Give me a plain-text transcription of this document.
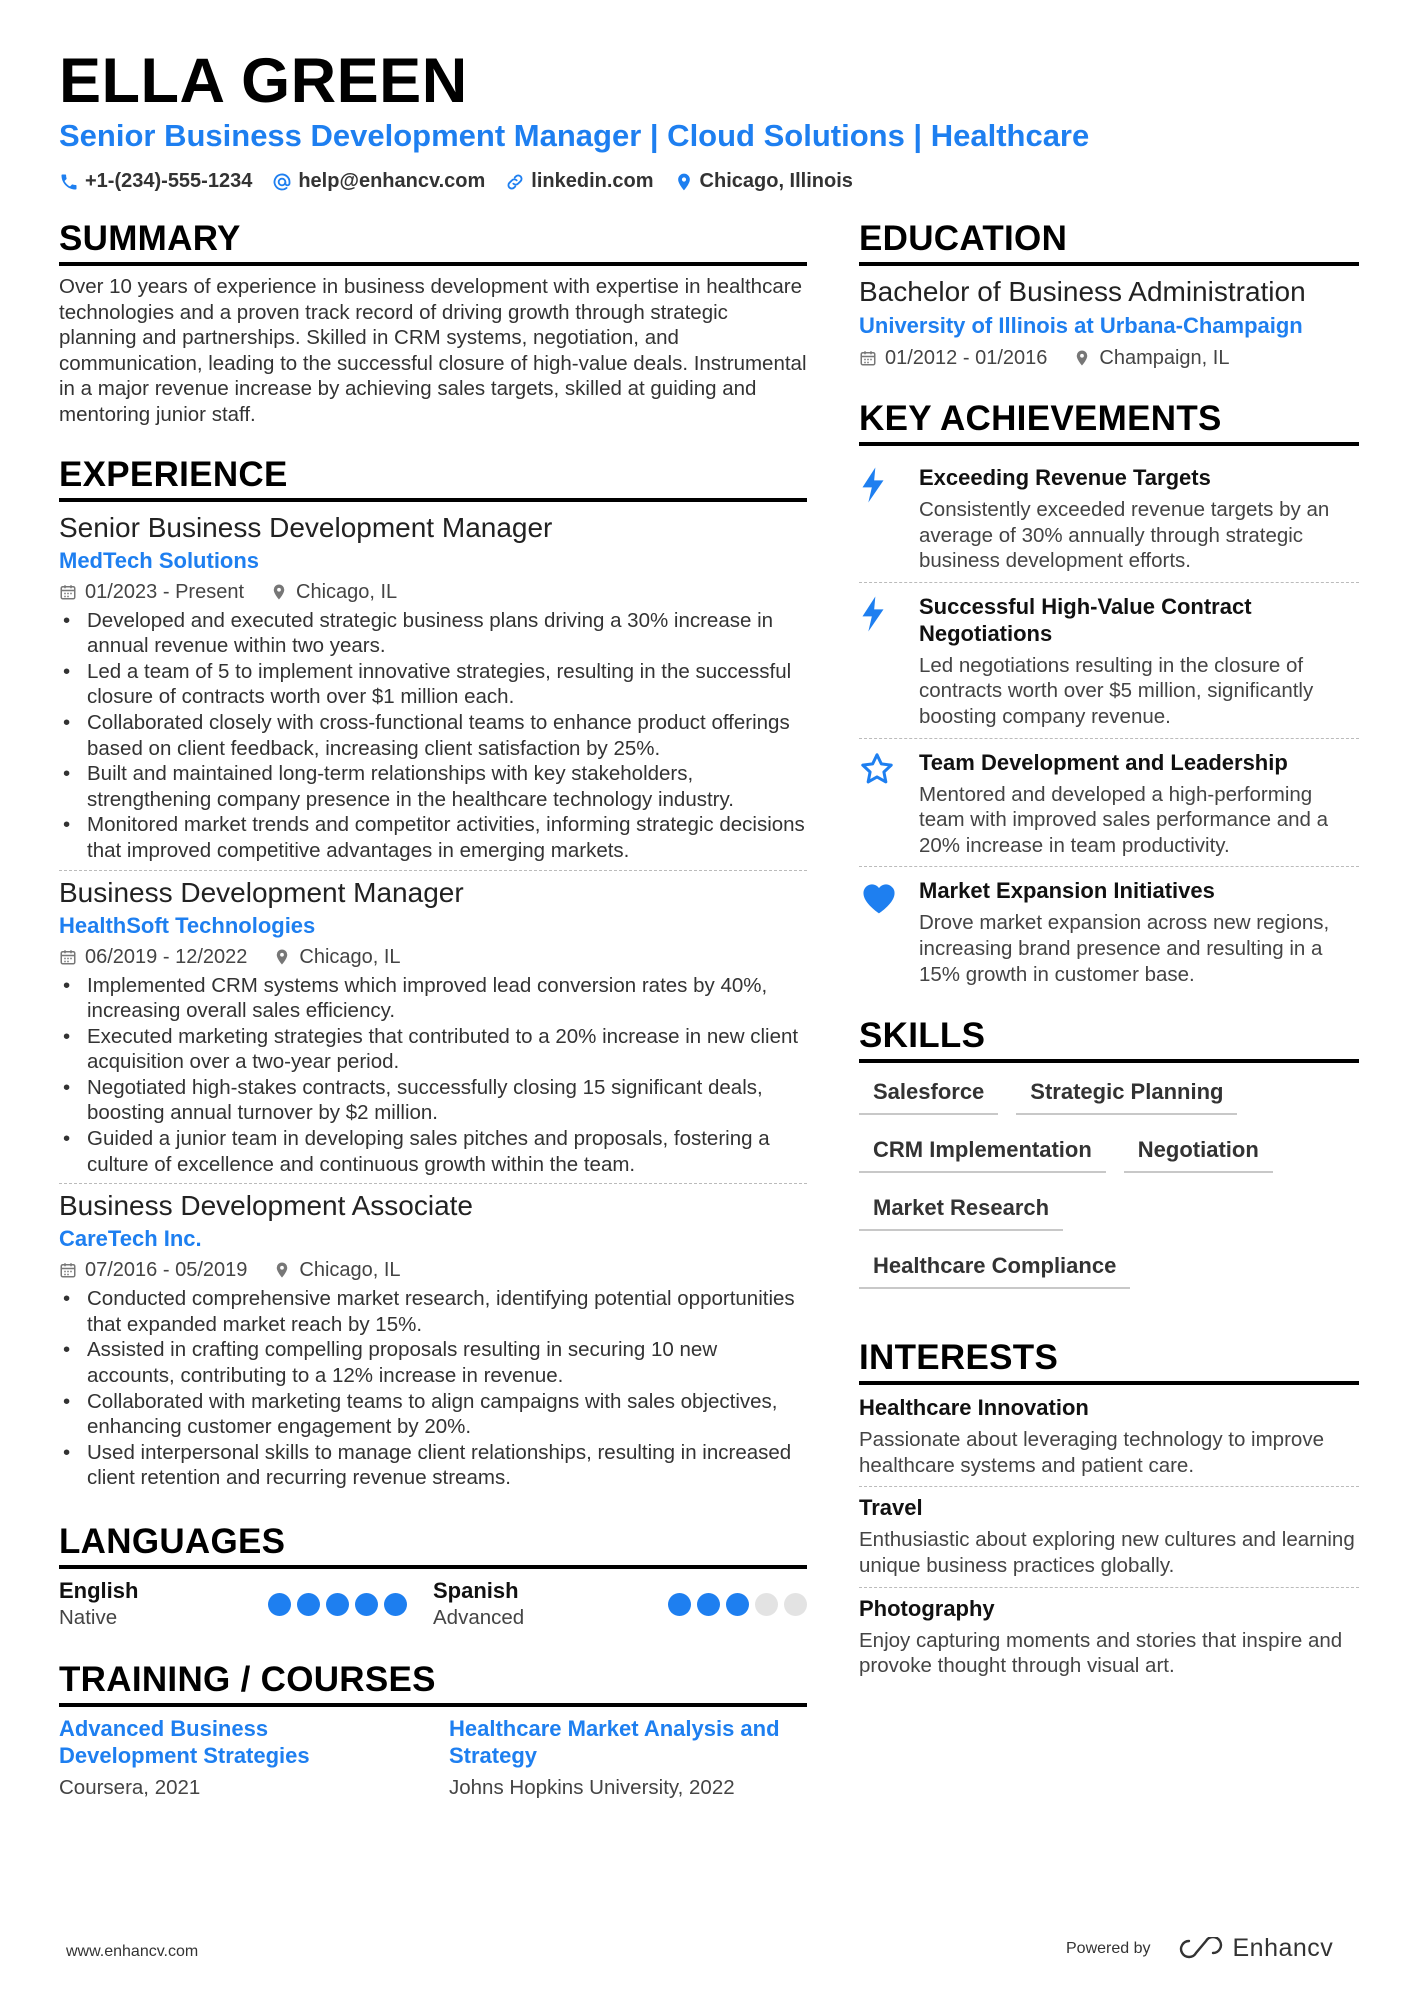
ELLA GREEN
Senior Business Development Manager | Cloud Solutions | Healthcare
+1-(234)-555-1234 help@enhancv.com linkedin.com Chicago, Illinois
SUMMARY

Over 10 years of experience in business development with expertise in healthcare technologies and a proven track record of driving growth through strategic planning and partnerships. Skilled in CRM systems, negotiation, and communication, leading to the successful closure of high-value deals. Instrumental in a major revenue increase by achieving sales targets, skilled at guiding and mentoring junior staff.

EXPERIENCE
Senior Business Development Manager
MedTech Solutions
01/2023 - Present	Chicago, IL
• Developed and executed strategic business plans driving a 30% increase in annual revenue within two years.
• Led a team of 5 to implement innovative strategies, resulting in the successful closure of contracts worth over $1 million each.
• Collaborated closely with cross-functional teams to enhance product offerings based on client feedback, increasing client satisfaction by 25%.
• Built and maintained long-term relationships with key stakeholders, strengthening company presence in the healthcare technology industry.
• Monitored market trends and competitor activities, informing strategic decisions that improved competitive advantages in emerging markets.
Business Development Manager
HealthSoft Technologies
06/2019 - 12/2022	Chicago, IL
• Implemented CRM systems which improved lead conversion rates by 40%, increasing overall sales efficiency.
• Executed marketing strategies that contributed to a 20% increase in new client acquisition over a two-year period.
• Negotiated high-stakes contracts, successfully closing 15 significant deals, boosting annual turnover by $2 million.
• Guided a junior team in developing sales pitches and proposals, fostering a culture of excellence and continuous growth within the team.
Business Development Associate
CareTech Inc.
07/2016 - 05/2019	Chicago, IL
• Conducted comprehensive market research, identifying potential opportunities that expanded market reach by 15%.
• Assisted in crafting compelling proposals resulting in securing 10 new accounts, contributing to a 12% increase in revenue.
• Collaborated with marketing teams to align campaigns with sales objectives, enhancing customer engagement by 20%.
• Used interpersonal skills to manage client relationships, resulting in increased client retention and recurring revenue streams.
LANGUAGES
English
Native
Spanish
Advanced
TRAINING / COURSES
Advanced Business Development Strategies
Coursera, 2021
Healthcare Market Analysis and Strategy
Johns Hopkins University, 2022
EDUCATION
Bachelor of Business Administration
University of Illinois at Urbana-Champaign
01/2012 - 01/2016	Champaign, IL
KEY ACHIEVEMENTS
Exceeding Revenue Targets
Consistently exceeded revenue targets by an average of 30% annually through strategic business development efforts.
Successful High-Value Contract Negotiations
Led negotiations resulting in the closure of contracts worth over $5 million, significantly boosting company revenue.
Team Development and Leadership
Mentored and developed a high-performing team with improved sales performance and a 20% increase in team productivity.
Market Expansion Initiatives
Drove market expansion across new regions, increasing brand presence and resulting in a 15% growth in customer base.
SKILLS
Salesforce	Strategic Planning
CRM Implementation	Negotiation
Market Research
Healthcare Compliance
INTERESTS
Healthcare Innovation
Passionate about leveraging technology to improve healthcare systems and patient care.
Travel
Enthusiastic about exploring new cultures and learning unique business practices globally.
Photography
Enjoy capturing moments and stories that inspire and provoke thought through visual art.
www.enhancv.com	Powered by	Enhancv
